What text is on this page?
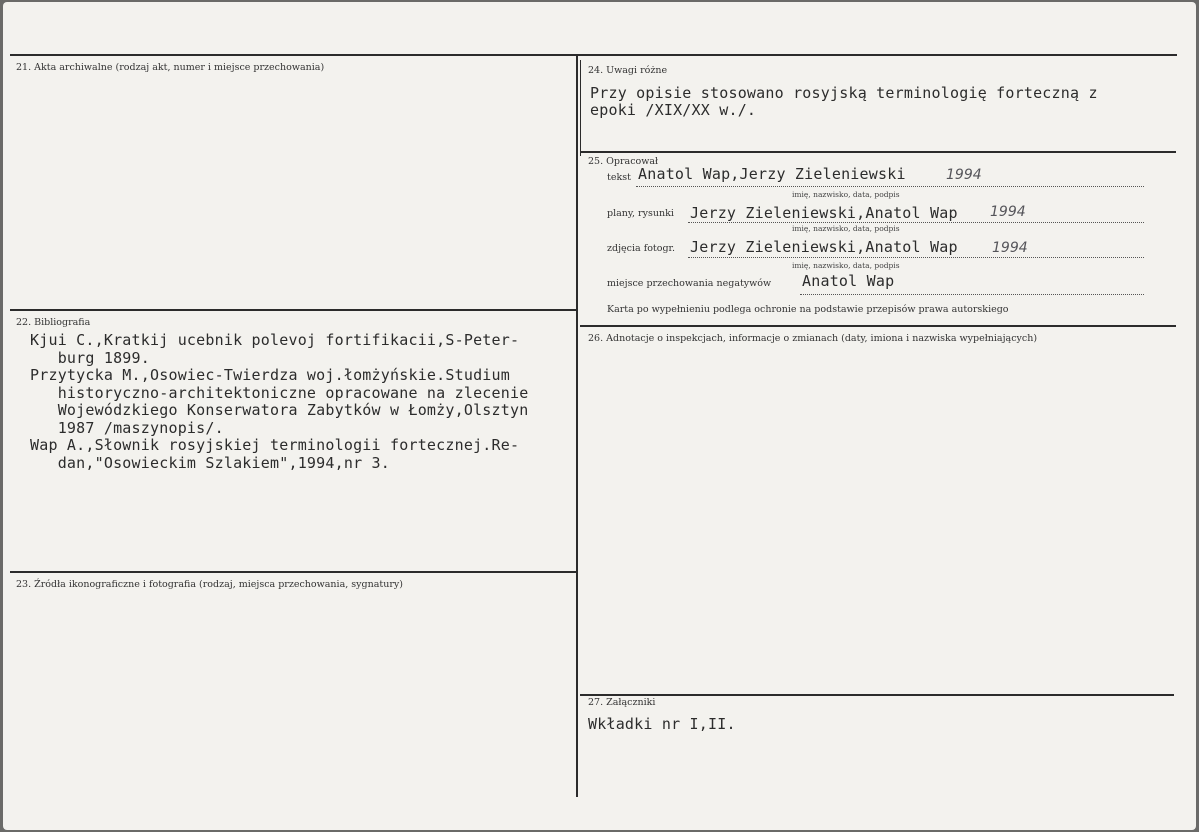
21. Akta archiwalne (rodzaj akt, numer i miejsce przechowania)
22. Bibliografia
Kjui C.,Kratkij ucebnik polevoj fortifikacii,S-Peter-
burg 1899.
Przytycka M.,Osowiec-Twierdza woj.łomżyńskie.Studium
historyczno-architektoniczne opracowane na zlecenie
Wojewódzkiego Konserwatora Zabytków w Łomży,Olsztyn
1987 /maszynopis/.
Wap A.,Słownik rosyjskiej terminologii fortecznej.Re-
dan,"Osowieckim Szlakiem",1994,nr 3.
23. Źródła ikonograficzne i fotografia (rodzaj, miejsca przechowania, sygnatury)
24. Uwagi różne
Przy opisie stosowano rosyjską terminologię forteczną z
epoki /XIX/XX w./.
25. Opracował
tekst Anatol Wap,Jerzy Zieleniewski	1994
imię, nazwisko, data, podpis
plany, rysunki Jerzy Zieleniewski,Anatol Wap 1994
imię, nazwisko, data, podpis
zdjęcia fotogr. Jerzy Zieleniewski,Anatol Wap 1994
imię, nazwisko, data, podpis
miejsce przechowania negatywów Anatol Wap
Karta po wypełnieniu podlega ochronie na podstawie przepisów prawa autorskiego
26. Adnotacje o inspekcjach, informacje o zmianach (daty, imiona i nazwiska wypełniających)
27. Załączniki
Wkładki nr I,II.
